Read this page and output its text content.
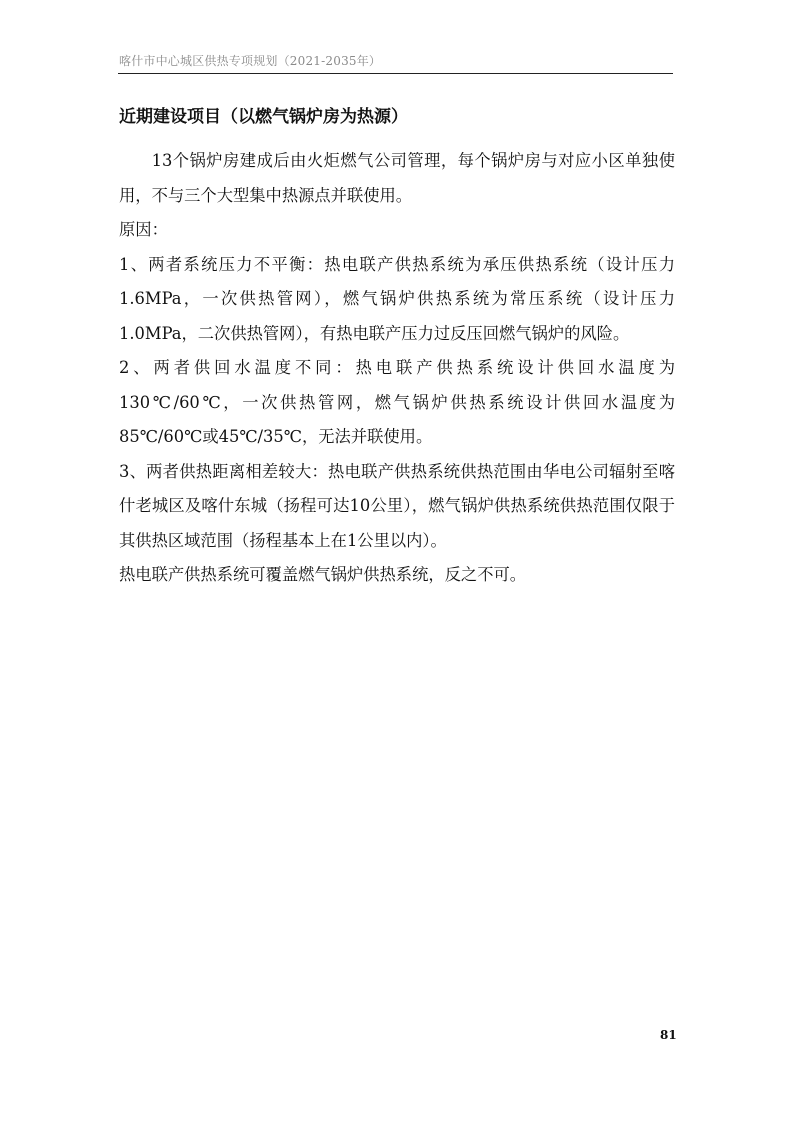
喀什市中心城区供热专项规划（2021-2035年）
近期建设项目（以燃气锅炉房为热源）

13个锅炉房建成后由火炬燃气公司管理，每个锅炉房与对应小区单独使用，不与三个大型集中热源点并联使用。

原因：

1、两者系统压力不平衡：热电联产供热系统为承压供热系统（设计压力1.6MPa，一次供热管网），燃气锅炉供热系统为常压系统（设计压力1.0MPa，二次供热管网），有热电联产压力过反压回燃气锅炉的风险。

2、两者供回水温度不同：热电联产供热系统设计供回水温度为130℃/60℃，一次供热管网，燃气锅炉供热系统设计供回水温度为85℃/60℃或45℃/35℃，无法并联使用。

3、两者供热距离相差较大：热电联产供热系统供热范围由华电公司辐射至喀什老城区及喀什东城（扬程可达10公里），燃气锅炉供热系统供热范围仅限于其供热区域范围（扬程基本上在1公里以内）。

热电联产供热系统可覆盖燃气锅炉供热系统，反之不可。

81
